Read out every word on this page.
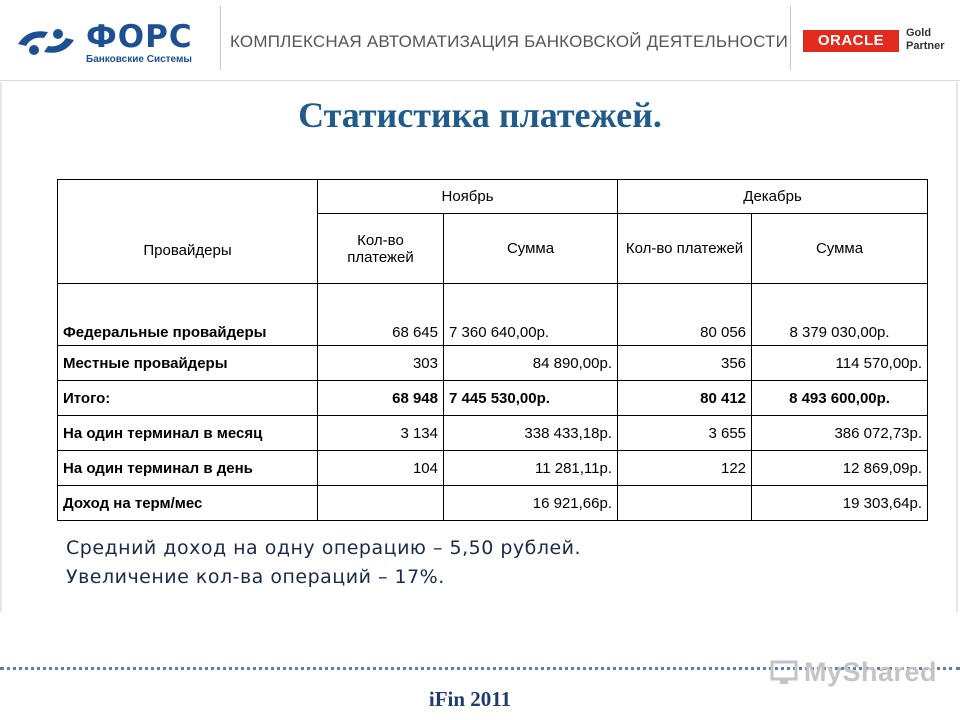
ФОРС
Банковские Системы
КОМПЛЕКСНАЯ АВТОМАТИЗАЦИЯ БАНКОВСКОЙ ДЕЯТЕЛЬНОСТИ	ORACLE	Gold
Partner
Статистика платежей.
Провайдеры	Ноябрь		Декабрь	
	Кол-во платежей	Сумма	Кол-во платежей	Сумма
Федеральные провайдеры	68 645	7 360 640,00р.	80 056	8 379 030,00р.
Местные провайдеры	303	84 890,00р.	356	114 570,00р.
Итого:	68 948	7 445 530,00р.	80 412	8 493 600,00р.
На один терминал в месяц	3 134	338 433,18р.	3 655	386 072,73р.
На один терминал в день	104	11 281,11р.	122	12 869,09р.
Доход на терм/мес		16 921,66р.		19 303,64р.
Средний доход на одну операцию – 5,50 рублей.
Увеличение кол-ва операций – 17%.
MyShared
iFin 2011
